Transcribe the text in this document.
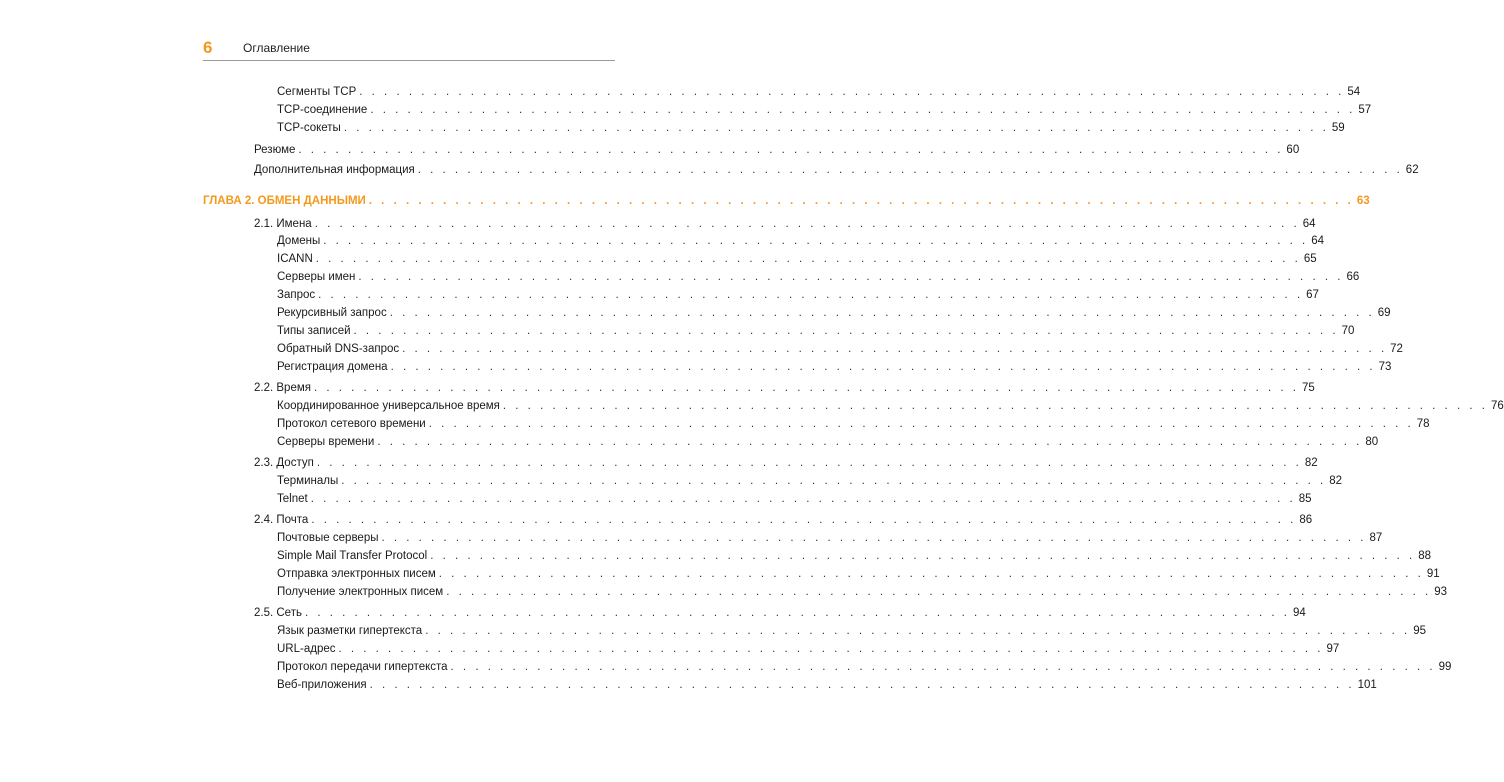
6	Оглавление
Сегменты TCP . . . . . . . . . . . . . . . . . . . . . . . . . . . . . . . . . . . . . . . . . . . . . . . . . . . . . . . . . . . . . . . . . . . . . . . . . . . . . . . . 54
TCP-соединение . . . . . . . . . . . . . . . . . . . . . . . . . . . . . . . . . . . . . . . . . . . . . . . . . . . . . . . . . . . . . . . . . . . . . . . . . . . . . . . . 57
TCP-сокеты . . . . . . . . . . . . . . . . . . . . . . . . . . . . . . . . . . . . . . . . . . . . . . . . . . . . . . . . . . . . . . . . . . . . . . . . . . . . . . . . 59
Резюме . . . . . . . . . . . . . . . . . . . . . . . . . . . . . . . . . . . . . . . . . . . . . . . . . . . . . . . . . . . . . . . . . . . . . . . . . . . . . . . . 60
Дополнительная информация . . . . . . . . . . . . . . . . . . . . . . . . . . . . . . . . . . . . . . . . . . . . . . . . . . . . . . . . . . . . . . . . . . . . . . . . . . . . . . . . 62
ГЛАВА 2. ОБМЕН ДАННЫМИ . . . . . . . . . . . . . . . . . . . . . . . . . . . . . . . . . . . . . . . . . . . . . . . . . . . . . . . . . . . . . . . . . . . . . . . . . . . . . . . . 63
2.1. Имена . . . . . . . . . . . . . . . . . . . . . . . . . . . . . . . . . . . . . . . . . . . . . . . . . . . . . . . . . . . . . . . . . . . . . . . . . . . . . . . . 64
Домены . . . . . . . . . . . . . . . . . . . . . . . . . . . . . . . . . . . . . . . . . . . . . . . . . . . . . . . . . . . . . . . . . . . . . . . . . . . . . . . . 64
ICANN . . . . . . . . . . . . . . . . . . . . . . . . . . . . . . . . . . . . . . . . . . . . . . . . . . . . . . . . . . . . . . . . . . . . . . . . . . . . . . . . 65
Серверы имен . . . . . . . . . . . . . . . . . . . . . . . . . . . . . . . . . . . . . . . . . . . . . . . . . . . . . . . . . . . . . . . . . . . . . . . . . . . . . . . . 66
Запрос . . . . . . . . . . . . . . . . . . . . . . . . . . . . . . . . . . . . . . . . . . . . . . . . . . . . . . . . . . . . . . . . . . . . . . . . . . . . . . . . 67
Рекурсивный запрос . . . . . . . . . . . . . . . . . . . . . . . . . . . . . . . . . . . . . . . . . . . . . . . . . . . . . . . . . . . . . . . . . . . . . . . . . . . . . . . . 69
Типы записей . . . . . . . . . . . . . . . . . . . . . . . . . . . . . . . . . . . . . . . . . . . . . . . . . . . . . . . . . . . . . . . . . . . . . . . . . . . . . . . . 70
Обратный DNS-запрос . . . . . . . . . . . . . . . . . . . . . . . . . . . . . . . . . . . . . . . . . . . . . . . . . . . . . . . . . . . . . . . . . . . . . . . . . . . . . . . . 72
Регистрация домена . . . . . . . . . . . . . . . . . . . . . . . . . . . . . . . . . . . . . . . . . . . . . . . . . . . . . . . . . . . . . . . . . . . . . . . . . . . . . . . . 73
2.2. Время . . . . . . . . . . . . . . . . . . . . . . . . . . . . . . . . . . . . . . . . . . . . . . . . . . . . . . . . . . . . . . . . . . . . . . . . . . . . . . . . 75
Координированное универсальное время . . . . . . . . . . . . . . . . . . . . . . . . . . . . . . . . . . . . . . . . . . . . . . . . . . . . . . . . . . . . . . . . . . . . . . . . . . . . . . . . 76
Протокол сетевого времени . . . . . . . . . . . . . . . . . . . . . . . . . . . . . . . . . . . . . . . . . . . . . . . . . . . . . . . . . . . . . . . . . . . . . . . . . . . . . . . . 78
Серверы времени . . . . . . . . . . . . . . . . . . . . . . . . . . . . . . . . . . . . . . . . . . . . . . . . . . . . . . . . . . . . . . . . . . . . . . . . . . . . . . . . 80
2.3. Доступ . . . . . . . . . . . . . . . . . . . . . . . . . . . . . . . . . . . . . . . . . . . . . . . . . . . . . . . . . . . . . . . . . . . . . . . . . . . . . . . . 82
Терминалы . . . . . . . . . . . . . . . . . . . . . . . . . . . . . . . . . . . . . . . . . . . . . . . . . . . . . . . . . . . . . . . . . . . . . . . . . . . . . . . . 82
Telnet . . . . . . . . . . . . . . . . . . . . . . . . . . . . . . . . . . . . . . . . . . . . . . . . . . . . . . . . . . . . . . . . . . . . . . . . . . . . . . . . 85
2.4. Почта . . . . . . . . . . . . . . . . . . . . . . . . . . . . . . . . . . . . . . . . . . . . . . . . . . . . . . . . . . . . . . . . . . . . . . . . . . . . . . . . 86
Почтовые серверы . . . . . . . . . . . . . . . . . . . . . . . . . . . . . . . . . . . . . . . . . . . . . . . . . . . . . . . . . . . . . . . . . . . . . . . . . . . . . . . . 87
Simple Mail Transfer Protocol . . . . . . . . . . . . . . . . . . . . . . . . . . . . . . . . . . . . . . . . . . . . . . . . . . . . . . . . . . . . . . . . . . . . . . . . . . . . . . . . 88
Отправка электронных писем . . . . . . . . . . . . . . . . . . . . . . . . . . . . . . . . . . . . . . . . . . . . . . . . . . . . . . . . . . . . . . . . . . . . . . . . . . . . . . . . 91
Получение электронных писем . . . . . . . . . . . . . . . . . . . . . . . . . . . . . . . . . . . . . . . . . . . . . . . . . . . . . . . . . . . . . . . . . . . . . . . . . . . . . . . . 93
2.5. Сеть . . . . . . . . . . . . . . . . . . . . . . . . . . . . . . . . . . . . . . . . . . . . . . . . . . . . . . . . . . . . . . . . . . . . . . . . . . . . . . . . 94
Язык разметки гипертекста . . . . . . . . . . . . . . . . . . . . . . . . . . . . . . . . . . . . . . . . . . . . . . . . . . . . . . . . . . . . . . . . . . . . . . . . . . . . . . . . 95
URL-адрес . . . . . . . . . . . . . . . . . . . . . . . . . . . . . . . . . . . . . . . . . . . . . . . . . . . . . . . . . . . . . . . . . . . . . . . . . . . . . . . . 97
Протокол передачи гипертекста . . . . . . . . . . . . . . . . . . . . . . . . . . . . . . . . . . . . . . . . . . . . . . . . . . . . . . . . . . . . . . . . . . . . . . . . . . . . . . . . 99
Веб-приложения . . . . . . . . . . . . . . . . . . . . . . . . . . . . . . . . . . . . . . . . . . . . . . . . . . . . . . . . . . . . . . . . . . . . . . . . . . . . . . . . 101
